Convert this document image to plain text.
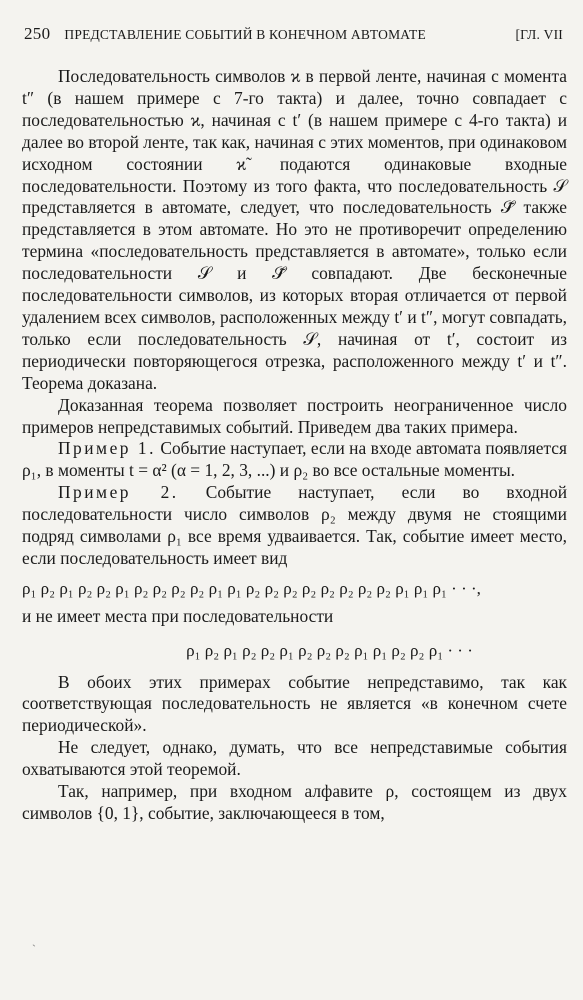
250 ПРЕДСТАВЛЕНИЕ СОБЫТИЙ В КОНЕЧНОМ АВТОМАТЕ	[ГЛ. VII

Последовательность символов ϰ в первой ленте, начиная с момента t″ (в нашем примере с 7-го такта) и далее, точно совпадает с последовательностью ϰ, начиная с t′ (в нашем примере с 4-го такта) и далее во второй ленте, так как, начиная с этих моментов, при одинаковом исходном состоянии ϰ̃ подаются одинаковые входные последовательности. Поэтому из того факта, что последовательность 𝒮 представляется в автомате, следует, что последовательность 𝒮̃ также представляется в этом автомате. Но это не противоречит определению термина «последовательность представляется в автомате», только если последовательности 𝒮 и 𝒮̃ совпадают. Две бесконечные последовательности символов, из которых вторая отличается от первой удалением всех символов, расположенных между t′ и t″, могут совпадать, только если последовательность 𝒮, начиная от t′, состоит из периодически повторяющегося отрезка, расположенного между t′ и t″. Теорема доказана.

Доказанная теорема позволяет построить неограниченное число примеров непредставимых событий. Приведем два таких примера.

Пример 1. Событие наступает, если на входе автомата появляется ρ₁, в моменты t = α² (α = 1, 2, 3, ...) и ρ₂ во все остальные моменты.

Пример 2. Событие наступает, если во входной последовательности число символов ρ₂ между двумя не стоящими подряд символами ρ₁ все время удваивается. Так, событие имеет место, если последовательность имеет вид

ρ₁ ρ₂ ρ₁ ρ₂ ρ₂ ρ₁ ρ₂ ρ₂ ρ₂ ρ₂ ρ₁ ρ₁ ρ₂ ρ₂ ρ₂ ρ₂ ρ₂ ρ₂ ρ₂ ρ₂ ρ₁ ρ₁ ρ₁ · · ·,

и не имеет места при последовательности

ρ₁ ρ₂ ρ₁ ρ₂ ρ₂ ρ₁ ρ₂ ρ₂ ρ₂ ρ₁ ρ₁ ρ₂ ρ₂ ρ₁ · · ·

В обоих этих примерах событие непредставимо, так как соответствующая последовательность не является «в конечном счете периодической».

Не следует, однако, думать, что все непредставимые события охватываются этой теоремой.

Так, например, при входном алфавите ρ, состоящем из двух символов {0, 1}, событие, заключающееся в том,

`
